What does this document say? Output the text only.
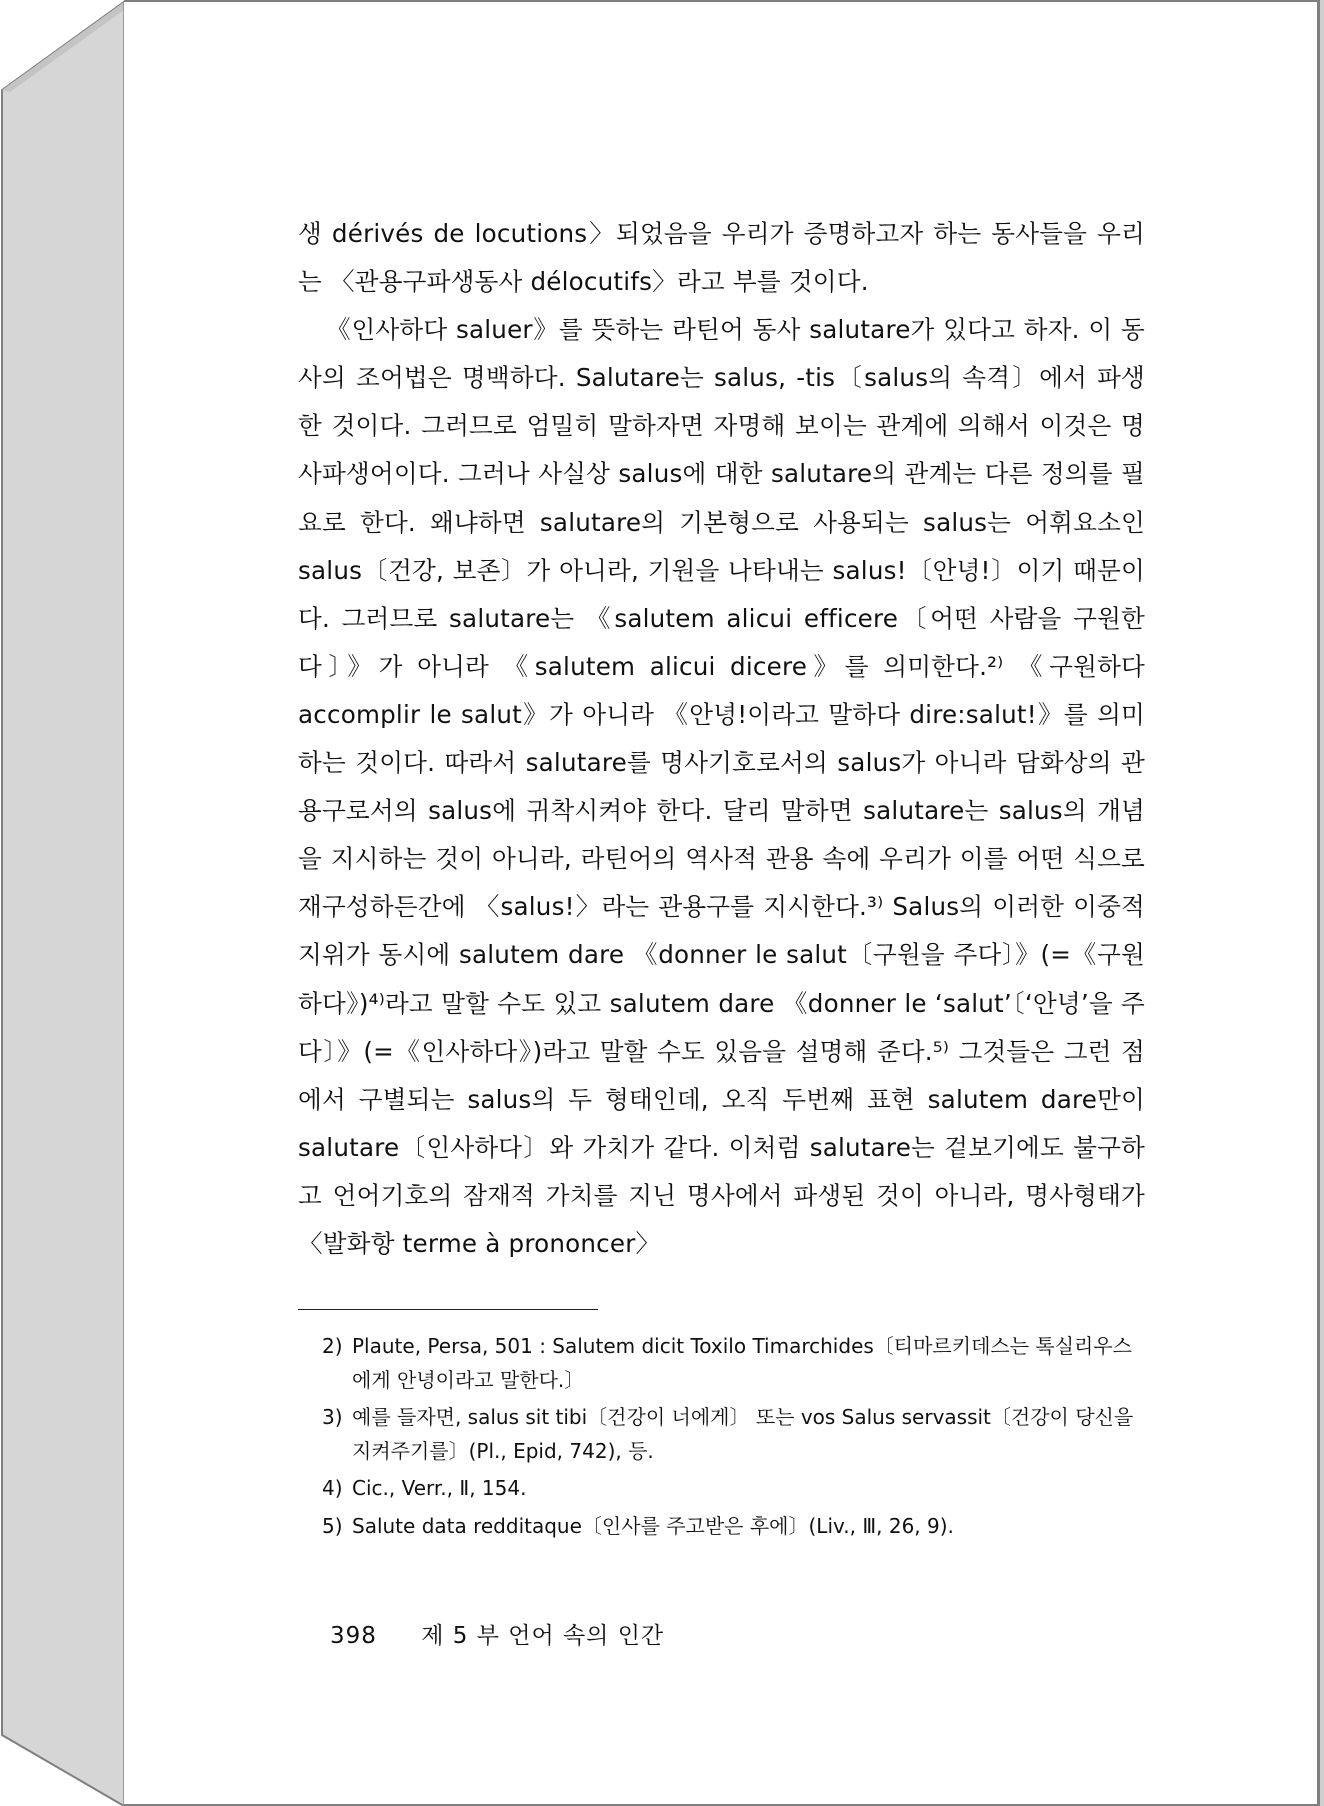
생 dérivés de locutions〉되었음을 우리가 증명하고자 하는 동사들을 우리는 〈관용구파생동사 délocutifs〉라고 부를 것이다.

《인사하다 saluer》를 뜻하는 라틴어 동사 salutare가 있다고 하자. 이 동사의 조어법은 명백하다. Salutare는 salus, -tis〔salus의 속격〕에서 파생한 것이다. 그러므로 엄밀히 말하자면 자명해 보이는 관계에 의해서 이것은 명사파생어이다. 그러나 사실상 salus에 대한 salutare의 관계는 다른 정의를 필요로 한다. 왜냐하면 salutare의 기본형으로 사용되는 salus는 어휘요소인 salus〔건강, 보존〕가 아니라, 기원을 나타내는 salus!〔안녕!〕이기 때문이다. 그러므로 salutare는 《salutem alicui efficere〔어떤 사람을 구원한다〕》가 아니라 《salutem alicui dicere》를 의미한다.²⁾ 《구원하다 accomplir le salut》가 아니라 《안녕!이라고 말하다 dire:salut!》를 의미하는 것이다. 따라서 salutare를 명사기호로서의 salus가 아니라 담화상의 관용구로서의 salus에 귀착시켜야 한다. 달리 말하면 salutare는 salus의 개념을 지시하는 것이 아니라, 라틴어의 역사적 관용 속에 우리가 이를 어떤 식으로 재구성하든간에 〈salus!〉라는 관용구를 지시한다.³⁾ Salus의 이러한 이중적 지위가 동시에 salutem dare 《donner le salut〔구원을 주다〕》(=《구원하다》)⁴⁾라고 말할 수도 있고 salutem dare 《donner le ‘salut’〔‘안녕’을 주다〕》(=《인사하다》)라고 말할 수도 있음을 설명해 준다.⁵⁾ 그것들은 그런 점에서 구별되는 salus의 두 형태인데, 오직 두번째 표현 salutem dare만이 salutare〔인사하다〕와 가치가 같다. 이처럼 salutare는 겉보기에도 불구하고 언어기호의 잠재적 가치를 지닌 명사에서 파생된 것이 아니라, 명사형태가 〈발화항 terme à prononcer〉

2) Plaute, Persa, 501 : Salutem dicit Toxilo Timarchides〔티마르키데스는 톡실리우스에게 안녕이라고 말한다.〕
3) 예를 들자면, salus sit tibi〔건강이 너에게〕 또는 vos Salus servassit〔건강이 당신을 지켜주기를〕(Pl., Epid, 742), 등.
4) Cic., Verr., Ⅱ, 154.
5) Salute data redditaque〔인사를 주고받은 후에〕(Liv., Ⅲ, 26, 9).
398 제 5 부 언어 속의 인간
